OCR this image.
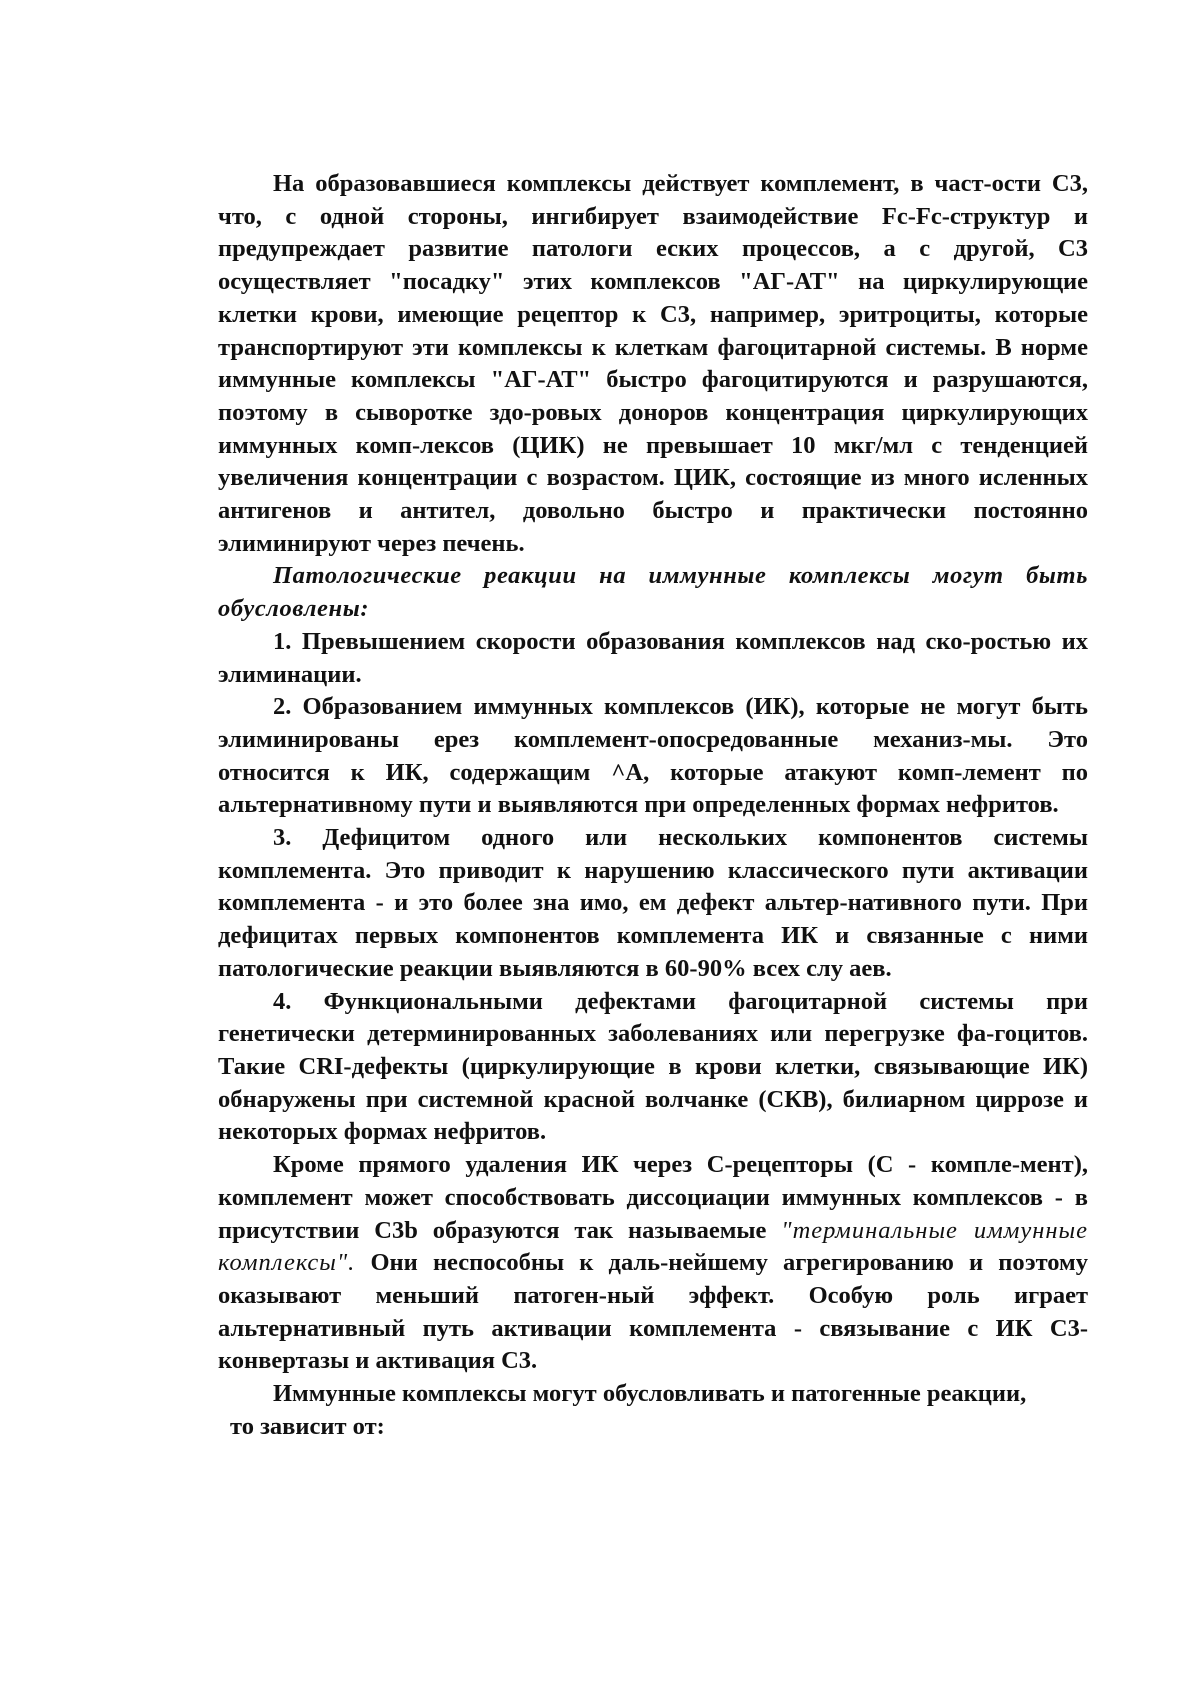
На образовавшиеся комплексы действует комплемент, в част-ости С3, что, с одной стороны, ингибирует взаимодействие Fc-Fc-структур и предупреждает развитие патологи еских процессов, а с другой, С3 осуществляет "посадку" этих комплексов "АГ-АТ" на циркулирующие клетки крови, имеющие рецептор к С3, например, эритроциты, которые транспортируют эти комплексы к клеткам фагоцитарной системы. В норме иммунные комплексы "АГ-АТ" быстро фагоцитируются и разрушаются, поэтому в сыворотке здо-ровых доноров концентрация циркулирующих иммунных комп-лексов (ЦИК) не превышает 10 мкг/мл с тенденцией увеличения концентрации с возрастом. ЦИК, состоящие из много исленных антигенов и антител, довольно быстро и практически постоянно элиминируют через печень.

Патологические реакции на иммунные комплексы могут быть обусловлены:

1. Превышением скорости образования комплексов над ско-ростью их элиминации.

2. Образованием иммунных комплексов (ИК), которые не могут быть элиминированы ерез комплемент-опосредованные механиз-мы. Это относится к ИК, содержащим ^А, которые атакуют комп-лемент по альтернативному пути и выявляются при определенных формах нефритов.

3. Дефицитом одного или нескольких компонентов системы комплемента. Это приводит к нарушению классического пути активации комплемента - и это более зна имо, ем дефект альтер-нативного пути. При дефицитах первых компонентов комплемента ИК и связанные с ними патологические реакции выявляются в 60-90% всех слу аев.

4. Функциональными дефектами фагоцитарной системы при генетически детерминированных заболеваниях или перегрузке фа-гоцитов. Такие CRI-дефекты (циркулирующие в крови клетки, связывающие ИК) обнаружены при системной красной волчанке (СКВ), билиарном циррозе и некоторых формах нефритов.

Кроме прямого удаления ИК через С-рецепторы (С - компле-мент), комплемент может способствовать диссоциации иммунных комплексов - в присутствии С3b образуются так называемые "терминальные иммунные комплексы". Они неспособны к даль-нейшему агрегированию и поэтому оказывают меньший патоген-ный эффект. Особую роль играет альтернативный путь активации комплемента - связывание с ИК С3-конвертазы и активация С3.

Иммунные комплексы могут обусловливать и патогенные реакции,
то зависит от:
